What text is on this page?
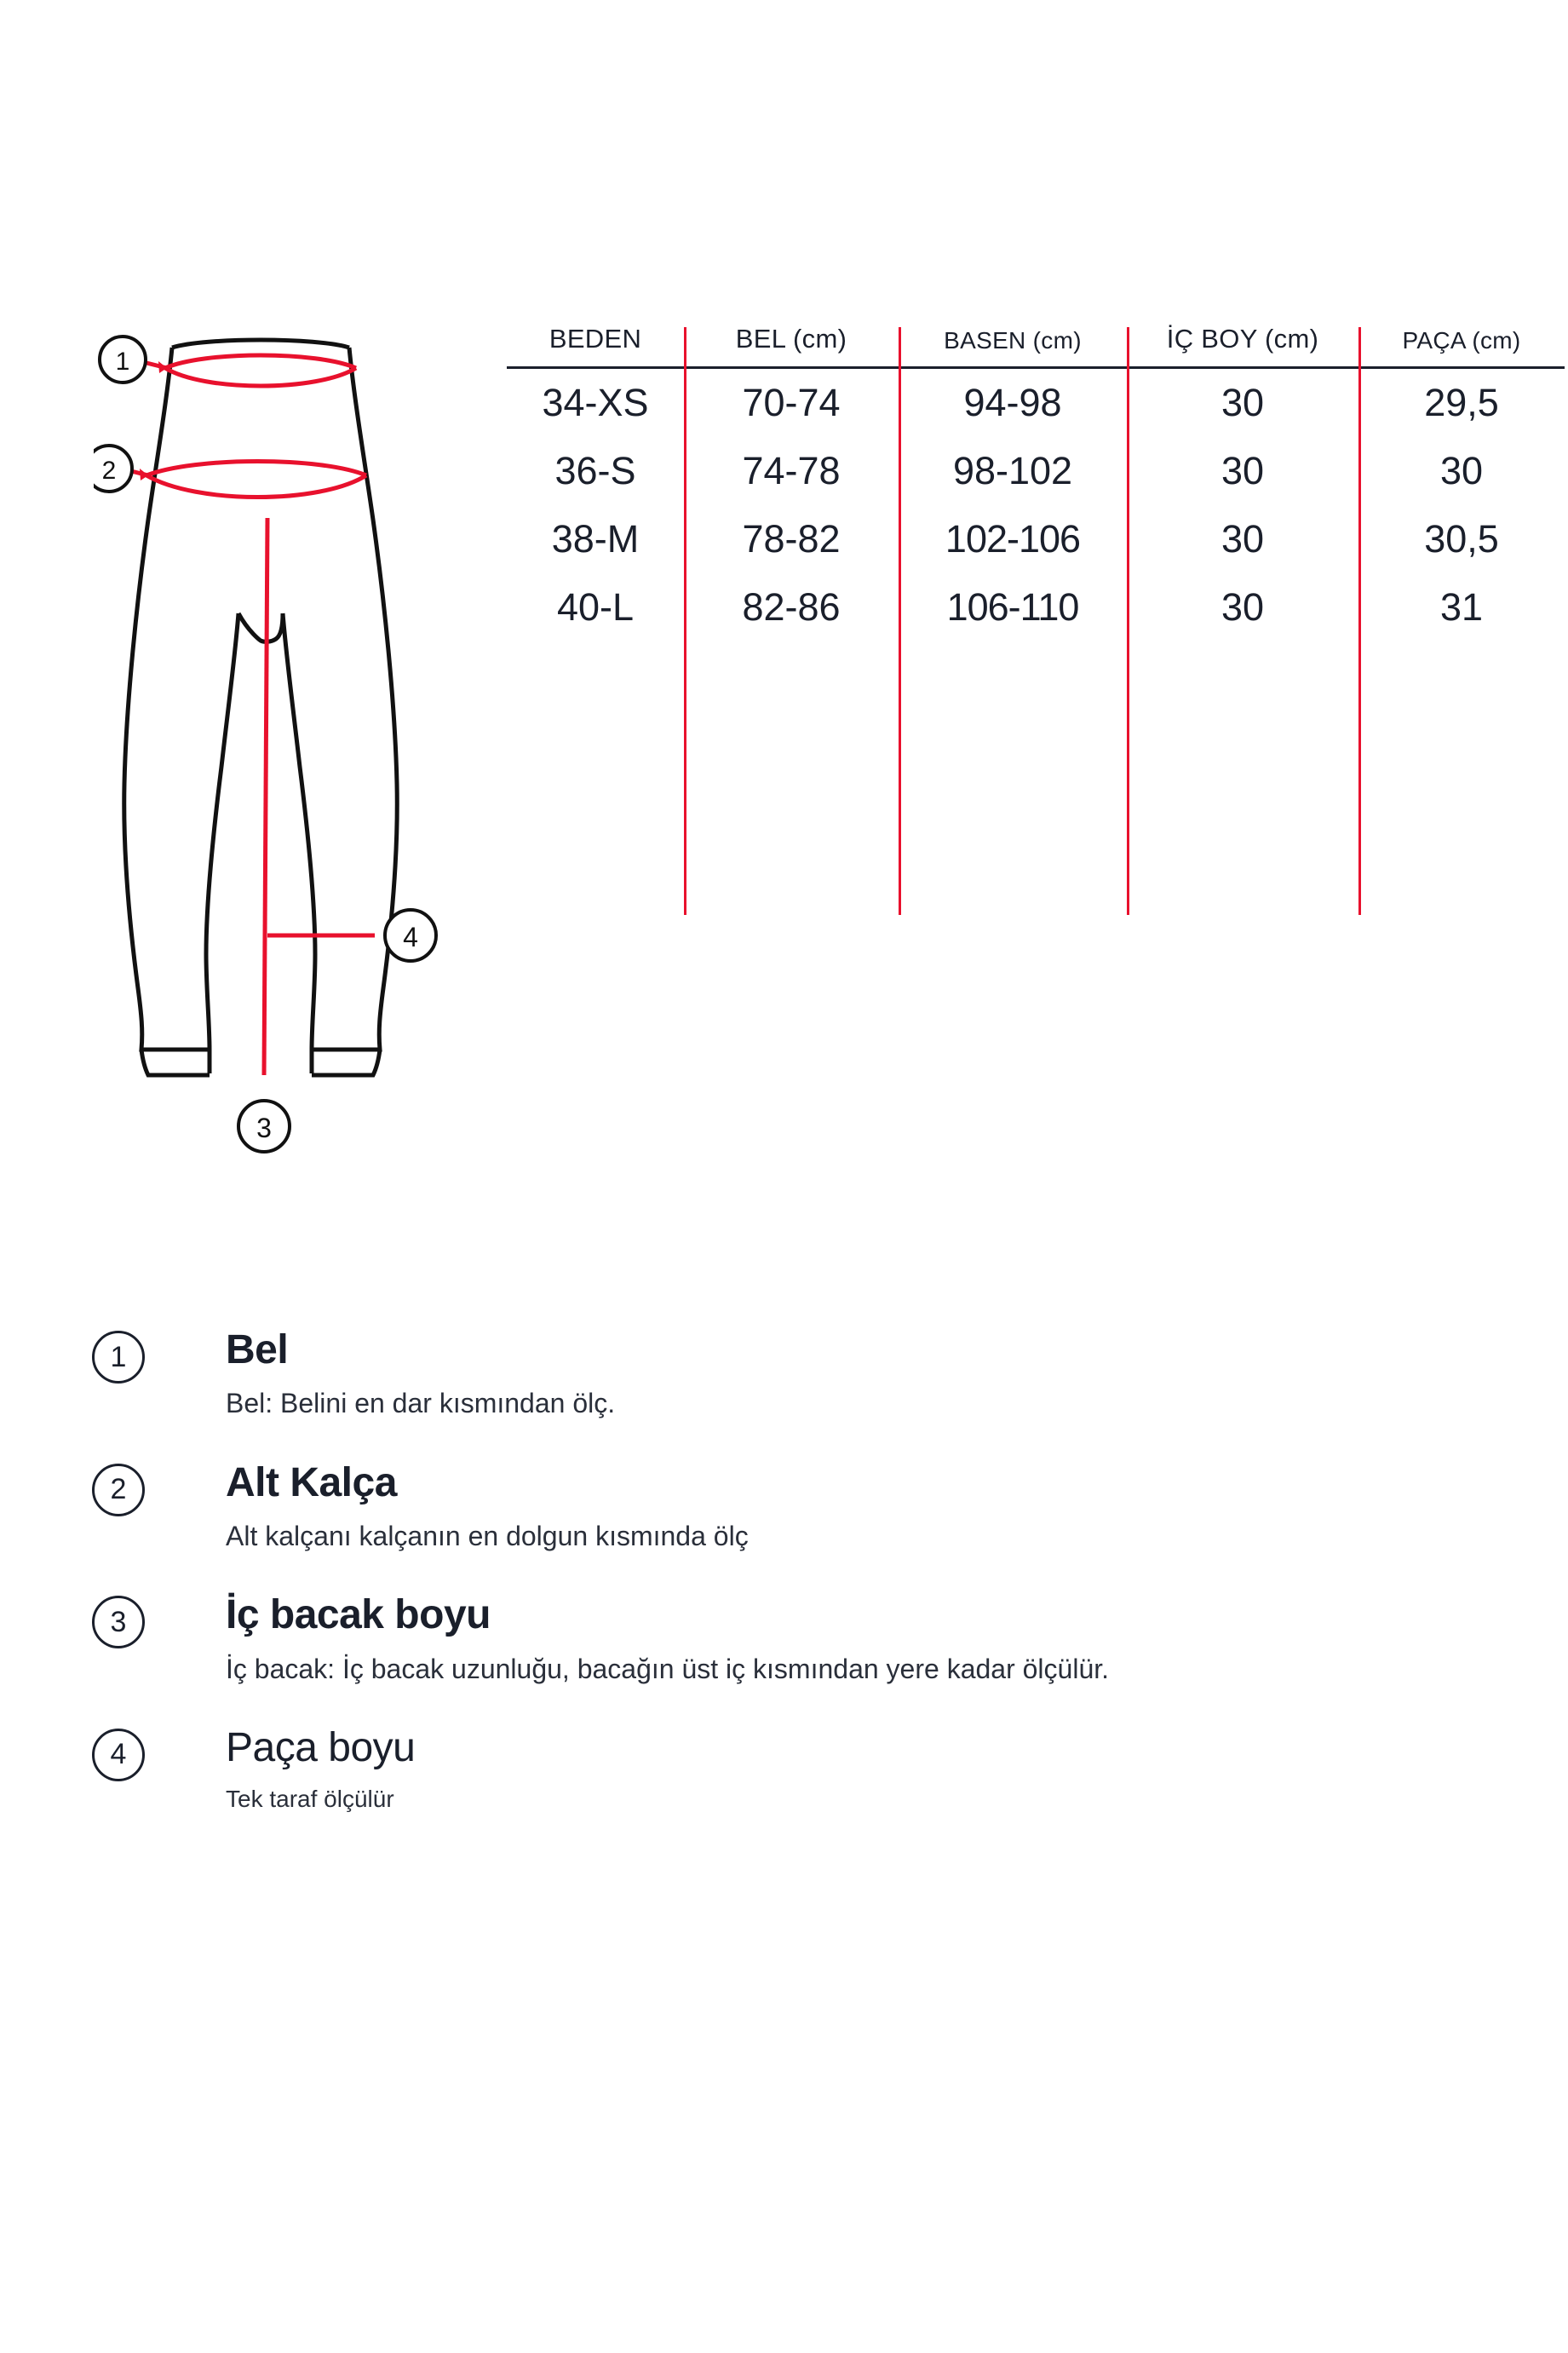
1
2
3
4
BEDEN	BEL (cm)	BASEN (cm)	İÇ BOY (cm)	PAÇA (cm)
34-XS	70-74	94-98	30	29,5
36-S	74-78	98-102	30	30
38-M	78-82	102-106	30	30,5
40-L	82-86	106-110	30	31
1	Bel
Bel: Belini en dar kısmından ölç.
2	Alt Kalça
Alt kalçanı kalçanın en dolgun kısmında ölç
3	İç bacak boyu
İç bacak: İç bacak uzunluğu, bacağın üst iç kısmından yere kadar ölçülür.
4	Paça boyu
Tek taraf ölçülür
